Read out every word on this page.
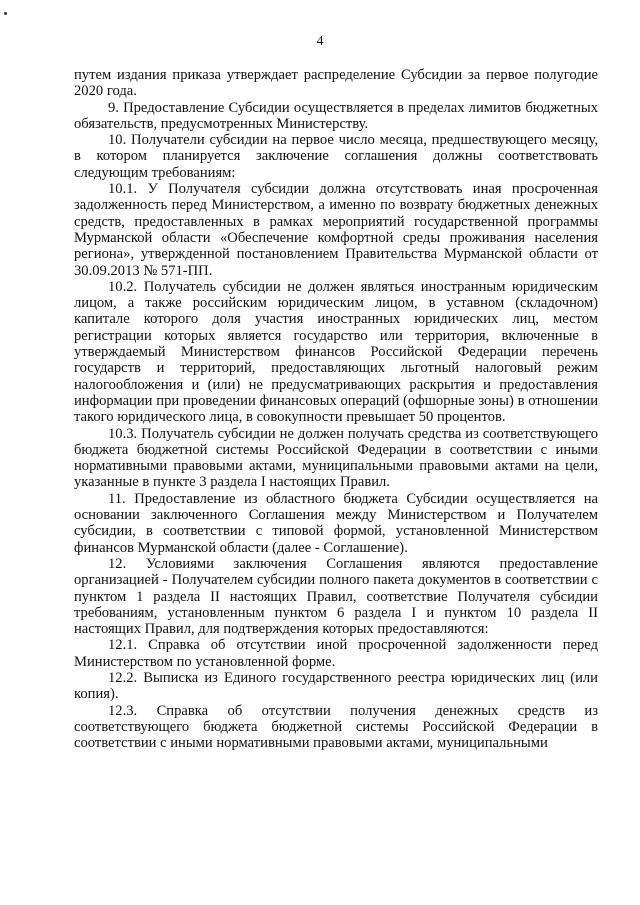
4

путем издания приказа утверждает распределение Субсидии за первое полугодие 2020 года.

9. Предоставление Субсидии осуществляется в пределах лимитов бюджетных обязательств, предусмотренных Министерству.

10. Получатели субсидии на первое число месяца, предшествующего месяцу, в котором планируется заключение соглашения должны соответствовать следующим требованиям:

10.1. У Получателя субсидии должна отсутствовать иная просроченная задолженность перед Министерством, а именно по возврату бюджетных денежных средств, предоставленных в рамках мероприятий государственной программы Мурманской области «Обеспечение комфортной среды проживания населения региона», утвержденной постановлением Правительства Мурманской области от 30.09.2013 № 571-ПП.

10.2. Получатель субсидии не должен являться иностранным юридическим лицом, а также российским юридическим лицом, в уставном (складочном) капитале которого доля участия иностранных юридических лиц, местом регистрации которых является государство или территория, включенные в утверждаемый Министерством финансов Российской Федерации перечень государств и территорий, предоставляющих льготный налоговый режим налогообложения и (или) не предусматривающих раскрытия и предоставления информации при проведении финансовых операций (офшорные зоны) в отношении такого юридического лица, в совокупности превышает 50 процентов.

10.3. Получатель субсидии не должен получать средства из соответствующего бюджета бюджетной системы Российской Федерации в соответствии с иными нормативными правовыми актами, муниципальными правовыми актами на цели, указанные в пункте 3 раздела I настоящих Правил.

11. Предоставление из областного бюджета Субсидии осуществляется на основании заключенного Соглашения между Министерством и Получателем субсидии, в соответствии с типовой формой, установленной Министерством финансов Мурманской области (далее - Соглашение).

12. Условиями заключения Соглашения являются предоставление организацией - Получателем субсидии полного пакета документов в соответствии с пунктом 1 раздела II настоящих Правил, соответствие Получателя субсидии требованиям, установленным пунктом 6 раздела I и пунктом 10 раздела II настоящих Правил, для подтверждения которых предоставляются:

12.1. Справка об отсутствии иной просроченной задолженности перед Министерством по установленной форме.

12.2. Выписка из Единого государственного реестра юридических лиц (или копия).

12.3. Справка об отсутствии получения денежных средств из соответствующего бюджета бюджетной системы Российской Федерации в соответствии с иными нормативными правовыми актами, муниципальными
